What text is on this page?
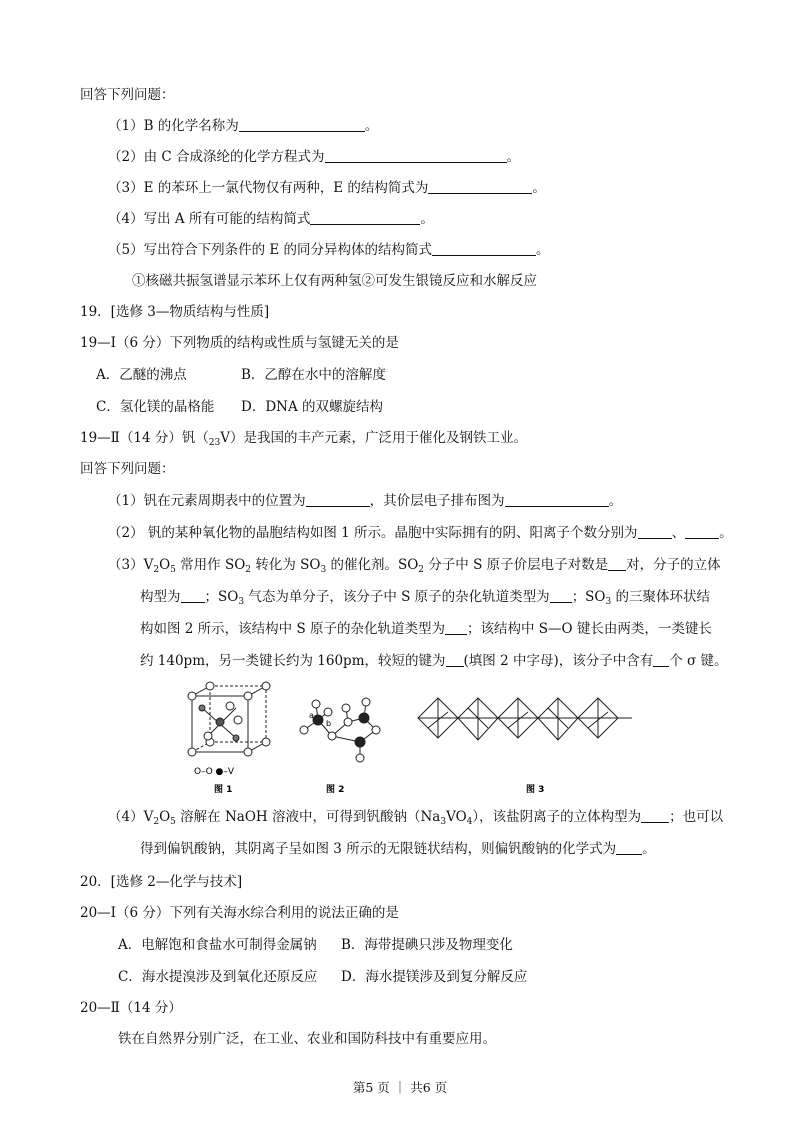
回答下列问题：
（1）B 的化学名称为	。
（2）由 C 合成涤纶的化学方程式为	。
（3）E 的苯环上一氯代物仅有两种，E 的结构简式为	。
（4）写出 A 所有可能的结构简式	。
（5）写出符合下列条件的 E 的同分异构体的结构简式	。
①核磁共振氢谱显示苯环上仅有两种氢②可发生银镜反应和水解反应
19．[选修 3—物质结构与性质]
19—Ⅰ（6 分）下列物质的结构或性质与氢键无关的是
A．乙醚的沸点	B．乙醇在水中的溶解度
C．氢化镁的晶格能 D．DNA 的双螺旋结构
19—Ⅱ（14 分）钒$(_{23}V)$是我国的丰产元素，广泛用于催化及钢铁工业。
回答下列问题：
（1）钒在元素周期表中的位置为	，其价层电子排布图为	。
（2） 钒的某种氧化物的晶胞结构如图 1 所示。晶胞中实际拥有的阴、阳离子个数分别为	、	。
$(3)V_2O_5$ 常用作 $SO_2$ 转化为 $SO_3$ 的催化剂。$SO_2$ 分子中 S 原子价层电子对数是 对，分子的立体
构型为 ；$SO_3$ 气态为单分子，该分子中 S 原子的杂化轨道类型为 ；$SO_3$ 的三聚体环状结
构如图 2 所示，该结构中 S 原子的杂化轨道类型为 ；该结构中 S—O 键长由两类，一类键长
约 140pm，另一类键长约为 160pm，较短的键为 (填图 2 中字母)，该分子中含有 个 σ 键。
O–O ●–V
图 1
a
b
图 2	图 3
$(4)V_2O_5$ 溶解在 NaOH 溶液中，可得到钒酸钠$(Na_3VO_4)$，该盐阴离子的立体构型为 ；也可以
得到偏钒酸钠，其阴离子呈如图 3 所示的无限链状结构，则偏钒酸钠的化学式为 。
20．[选修 2—化学与技术]
20—Ⅰ（6 分）下列有关海水综合利用的说法正确的是
A．电解饱和食盐水可制得金属钠 B．海带提碘只涉及物理变化
C．海水提溴涉及到氧化还原反应 D．海水提镁涉及到复分解反应
20—Ⅱ（14 分）
铁在自然界分别广泛，在工业、农业和国防科技中有重要应用。
第5 页 ｜ 共6 页
